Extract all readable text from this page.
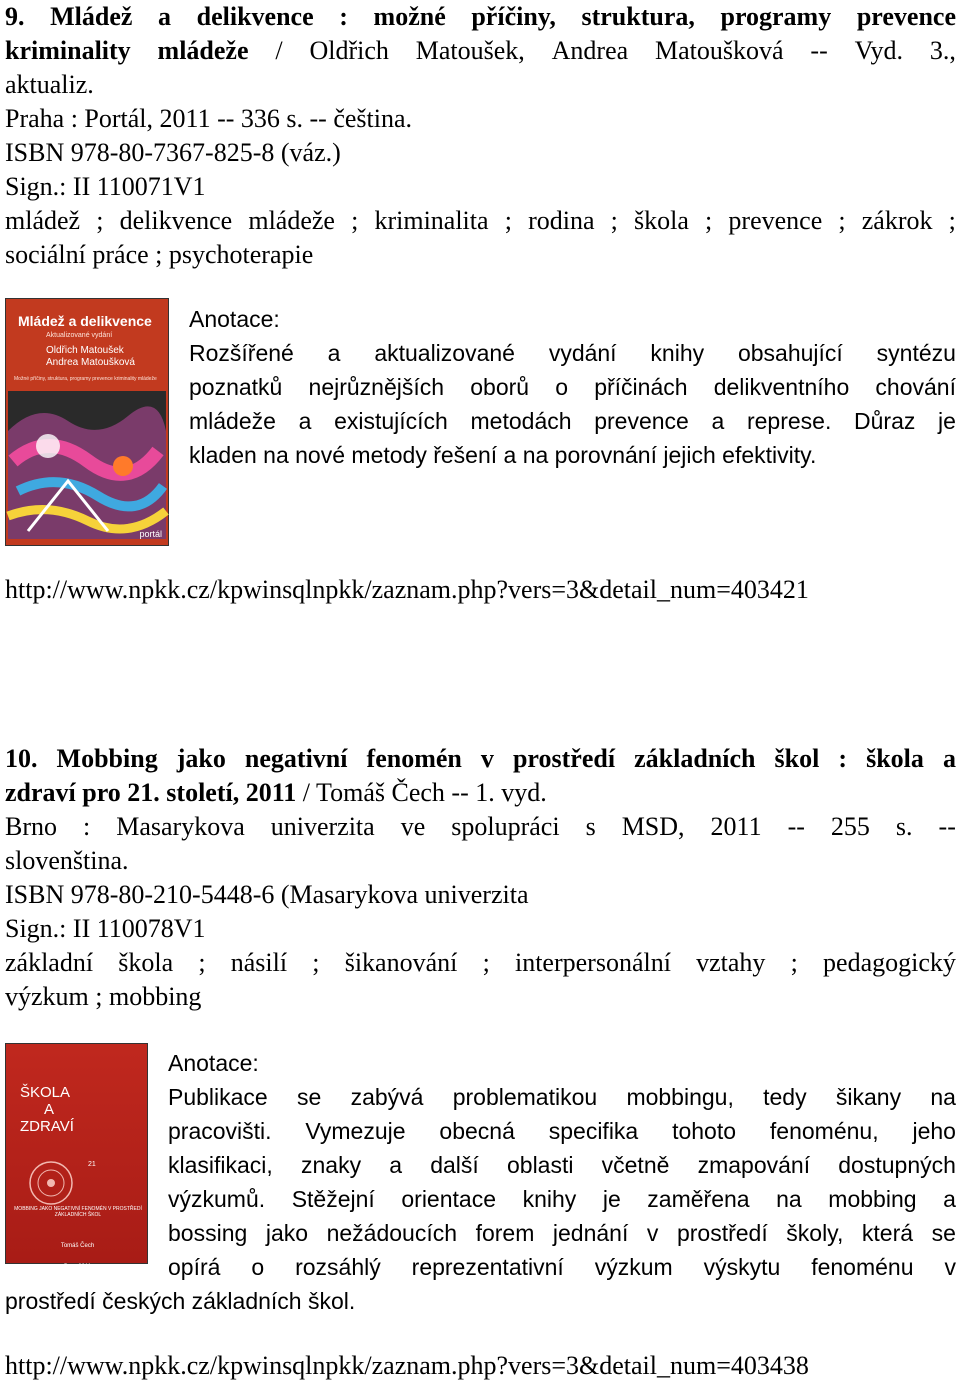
9. Mládež a delikvence : možné příčiny, struktura, programy prevence
kriminality mládeže / Oldřich Matoušek, Andrea Matoušková -- Vyd. 3.,
aktualiz.
Praha : Portál, 2011 -- 336 s. -- čeština.
ISBN 978-80-7367-825-8 (váz.)
Sign.: II 110071V1
mládež ; delikvence mládeže ; kriminalita ; rodina ; škola ; prevence ; zákrok ;
sociální práce ; psychoterapie
Mládež a delikvence
Aktualizované vydání
Oldřich Matoušek
Andrea Matoušková
Možné příčiny, struktura, programy prevence kriminality mládeže
portál
Anotace:
Rozšířené a aktualizované vydání knihy obsahující syntézu
poznatků nejrůznějších oborů o příčinách delikventního chování
mládeže a existujících metodách prevence a represe. Důraz je
kladen na nové metody řešení a na porovnání jejich efektivity.
http://www.npkk.cz/kpwinsqlnpkk/zaznam.php?vers=3&detail_num=403421
10. Mobbing jako negativní fenomén v prostředí základních škol : škola a
zdraví pro 21. století, 2011 / Tomáš Čech -- 1. vyd.
Brno : Masarykova univerzita ve spolupráci s MSD, 2011 -- 255 s. --
slovenština.
ISBN 978-80-210-5448-6 (Masarykova univerzita
Sign.: II 110078V1
základní škola ; násilí ; šikanování ; interpersonální vztahy ; pedagogický
výzkum ; mobbing
ŠKOLA
A
ZDRAVÍ
21
MOBBING JAKO NEGATIVNÍ FENOMÉN V PROSTŘEDÍ ZÁKLADNÍCH ŠKOL
Tomáš Čech
Brno 2011
Anotace:
Publikace se zabývá problematikou mobbingu, tedy šikany na
pracovišti. Vymezuje obecná specifika tohoto fenoménu, jeho
klasifikaci, znaky a další oblasti včetně zmapování dostupných
výzkumů. Stěžejní orientace knihy je zaměřena na mobbing a
bossing jako nežádoucích forem jednání v prostředí školy, která se
opírá o rozsáhlý reprezentativní výzkum výskytu fenoménu v
prostředí českých základních škol.
http://www.npkk.cz/kpwinsqlnpkk/zaznam.php?vers=3&detail_num=403438
